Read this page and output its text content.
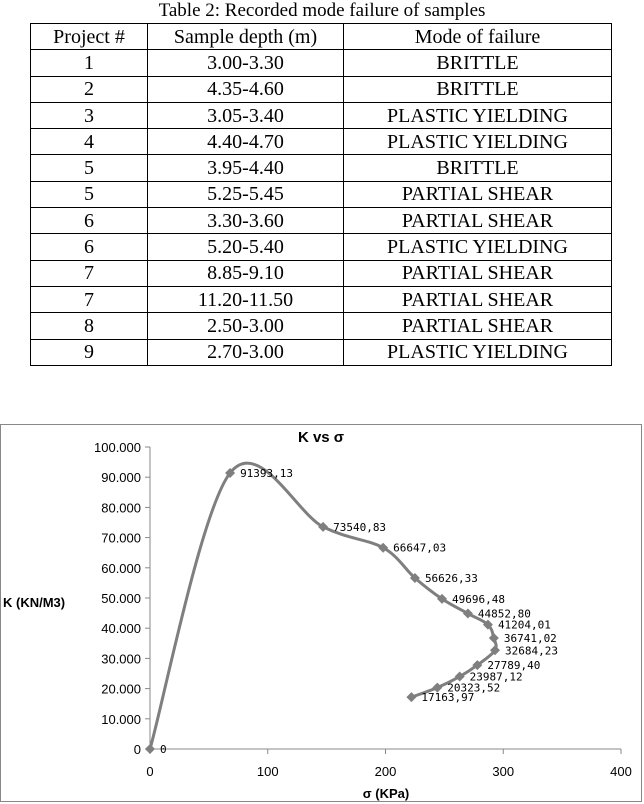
Table 2: Recorded mode failure of samples
Project #	Sample depth (m)	Mode of failure
1	3.00-3.30	BRITTLE
2	4.35-4.60	BRITTLE
3	3.05-3.40	PLASTIC YIELDING
4	4.40-4.70	PLASTIC YIELDING
5	3.95-4.40	BRITTLE
5	5.25-5.45	PARTIAL SHEAR
6	3.30-3.60	PARTIAL SHEAR
6	5.20-5.40	PLASTIC YIELDING
7	8.85-9.10	PARTIAL SHEAR
7	11.20-11.50	PARTIAL SHEAR
8	2.50-3.00	PARTIAL SHEAR
9	2.70-3.00	PLASTIC YIELDING
K vs σ
K (KN/M3)
σ (KPa)
0
10.000
20.000
30.000
40.000
50.000
60.000
70.000
80.000
90.000
100.000
0	100	200	300	400
0
91393,13
73540,83
66647,03
56626,33
49696,48
44852,80
41204,01
36741,02
32684,23
27789,40
23987,12
20323,52
17163,97
